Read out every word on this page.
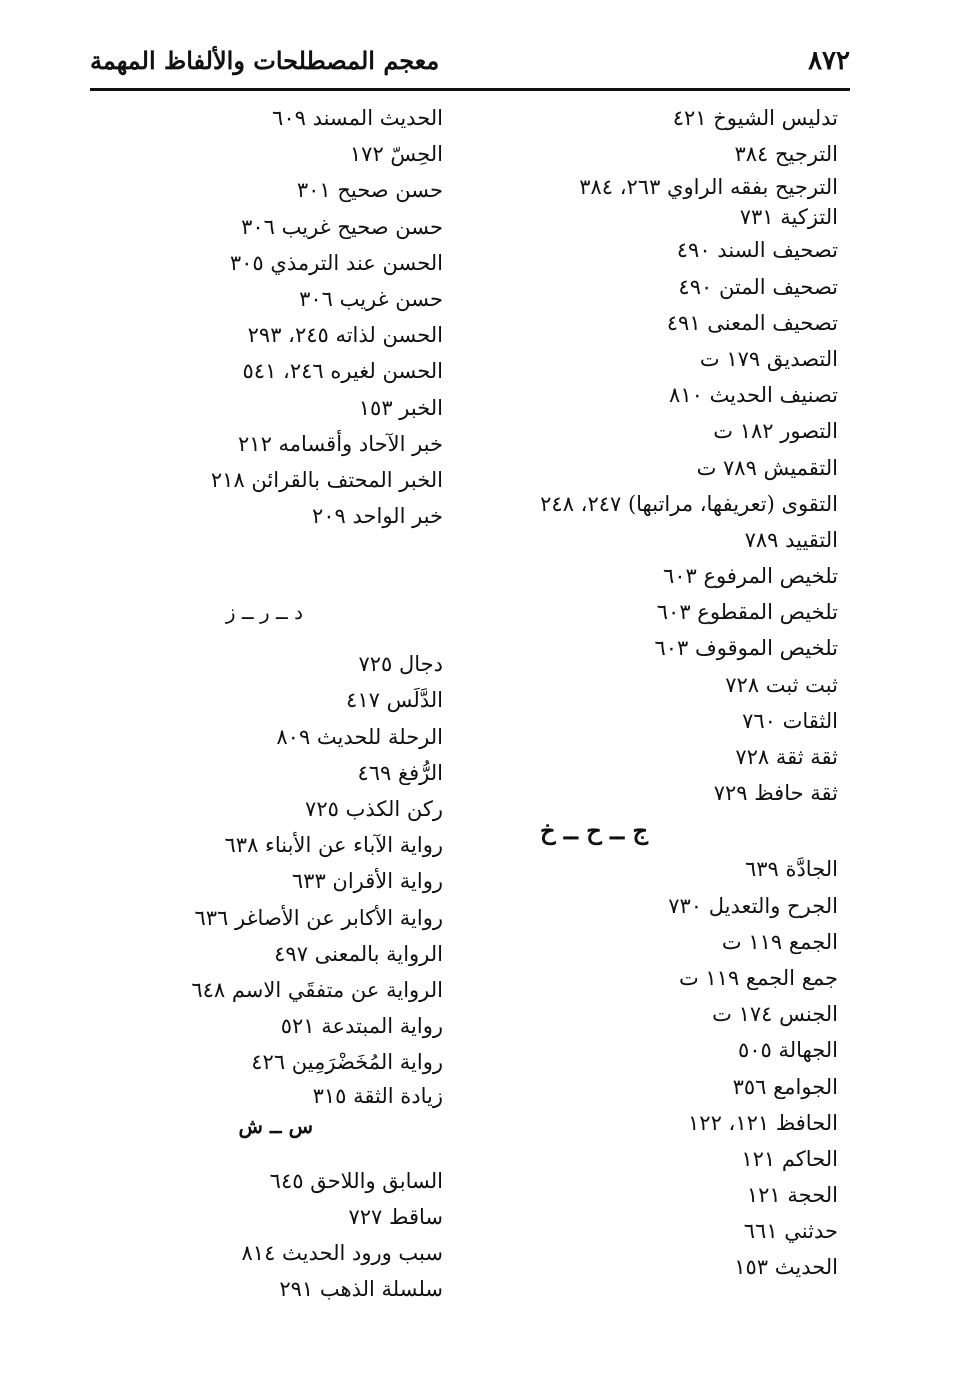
٨٧٢
معجم المصطلحات والألفاظ المهمة
تدليس الشيوخ ٤٢١
الترجيح ٣٨٤
الترجيح بفقه الراوي ٢٦٣، ٣٨٤
التزكية ٧٣١
تصحيف السند ٤٩٠
تصحيف المتن ٤٩٠
تصحيف المعنى ٤٩١
التصديق ١٧٩ ت
تصنيف الحديث ٨١٠
التصور ١٨٢ ت
التقميش ٧٨٩ ت
التقوى (تعريفها، مراتبها) ٢٤٧، ٢٤٨
التقييد ٧٨٩
تلخيص المرفوع ٦٠٣
تلخيص المقطوع ٦٠٣
تلخيص الموقوف ٦٠٣
ثبت ثبت ٧٢٨
الثقات ٧٦٠
ثقة ثقة ٧٢٨
ثقة حافظ ٧٢٩
ج ــ ح ــ خ
الجادَّة ٦٣٩
الجرح والتعديل ٧٣٠
الجمع ١١٩ ت
جمع الجمع ١١٩ ت
الجنس ١٧٤ ت
الجهالة ٥٠٥
الجوامع ٣٥٦
الحافظ ١٢١، ١٢٢
الحاكم ١٢١
الحجة ١٢١
حدثني ٦٦١
الحديث ١٥٣
الحديث المسند ٦٠٩
الحِسّ ١٧٢
حسن صحيح ٣٠١
حسن صحيح غريب ٣٠٦
الحسن عند الترمذي ٣٠٥
حسن غريب ٣٠٦
الحسن لذاته ٢٤٥، ٢٩٣
الحسن لغيره ٢٤٦، ٥٤١
الخبر ١٥٣
خبر الآحاد وأقسامه ٢١٢
الخبر المحتف بالقرائن ٢١٨
خبر الواحد ٢٠٩
د ــ ر ــ ز
دجال ٧٢٥
الدَّلَس ٤١٧
الرحلة للحديث ٨٠٩
الرُّفغ ٤٦٩
ركن الكذب ٧٢٥
رواية الآباء عن الأبناء ٦٣٨
رواية الأقران ٦٣٣
رواية الأكابر عن الأصاغر ٦٣٦
الرواية بالمعنى ٤٩٧
الرواية عن متفقَي الاسم ٦٤٨
رواية المبتدعة ٥٢١
رواية المُخَضْرَمِين ٤٢٦
زيادة الثقة ٣١٥
س ــ ش
السابق واللاحق ٦٤٥
ساقط ٧٢٧
سبب ورود الحديث ٨١٤
سلسلة الذهب ٢٩١
